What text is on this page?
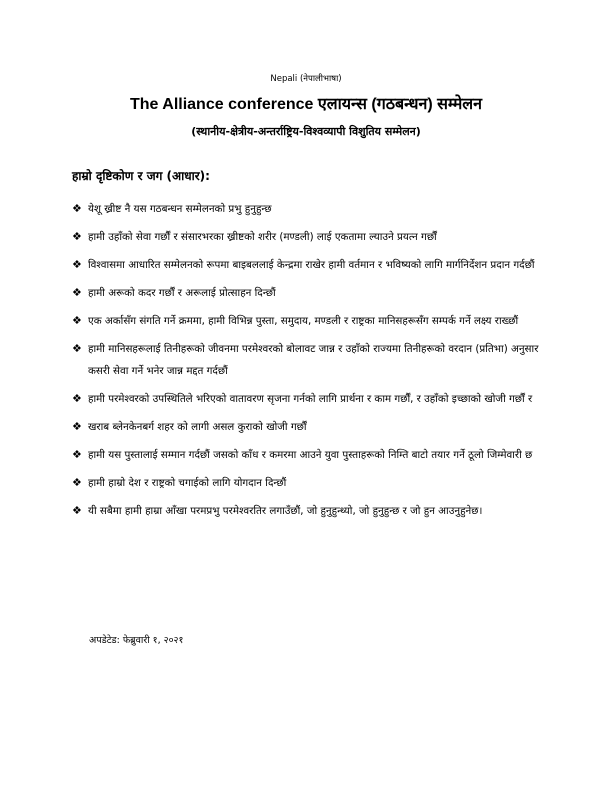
Nepali (नेपालीभाषा)
The Alliance conference एलायन्स (गठबन्धन) सम्मेलन
(स्थानीय-क्षेत्रीय-अन्तर्राष्ट्रिय-विश्वव्यापी विशुतिय सम्मेलन)
हाम्रो दृष्टिकोण र जग (आधार):
❖ येशू ख्रीष्ट नै यस गठबन्धन सम्मेलनको प्रभु हुनुहुन्छ
❖ हामी उहाँको सेवा गर्छौं र संसारभरका ख्रीष्टको शरीर (मण्डली) लाई एकतामा ल्याउने प्रयत्न गर्छौं
❖ विश्वासमा आधारित सम्मेलनको रूपमा बाइबललाई केन्द्रमा राखेर हामी वर्तमान र भविष्यको लागि मार्गनिर्देशन प्रदान गर्दछौं
❖ हामी अरूको कदर गर्छौं र अरूलाई प्रोत्साहन दिन्छौं
❖ एक अर्कासँग संगति गर्ने क्रममा, हामी विभिन्न पुस्ता, समुदाय, मण्डली र राष्ट्रका मानिसहरूसँग सम्पर्क गर्ने लक्ष्य राख्छौं
❖ हामी मानिसहरूलाई तिनीहरूको जीवनमा परमेश्वरको बोलावट जान्न र उहाँको राज्यमा तिनीहरूको वरदान (प्रतिभा) अनुसार कसरी सेवा गर्ने भनेर जान्न मद्दत गर्दछौं
❖ हामी परमेश्वरको उपस्थितिले भरिएको वातावरण सृजना गर्नको लागि प्रार्थना र काम गर्छौं, र उहाँको इच्छाको खोजी गर्छौं र
❖ खराब ब्लेनकेनबर्ग शहर को लागी असल कुराको खोजी गर्छौं
❖ हामी यस पुस्तालाई सम्मान गर्दछौं जसको काँध र कमरमा आउने युवा पुस्ताहरूको निम्ति बाटो तयार गर्ने ठूलो जिम्मेवारी छ
❖ हामी हाम्रो देश र राष्ट्रको चगाईको लागि योगदान दिन्छौं
❖ यी सबैमा हामी हाम्रा आँखा परमप्रभु परमेश्वरतिर लगाउँछौं, जो हुनुहुन्थ्यो, जो हुनुहुन्छ र जो हुन आउनुहुनेछ।
अपडेटेड: फेब्रुवारी १, २०२१
